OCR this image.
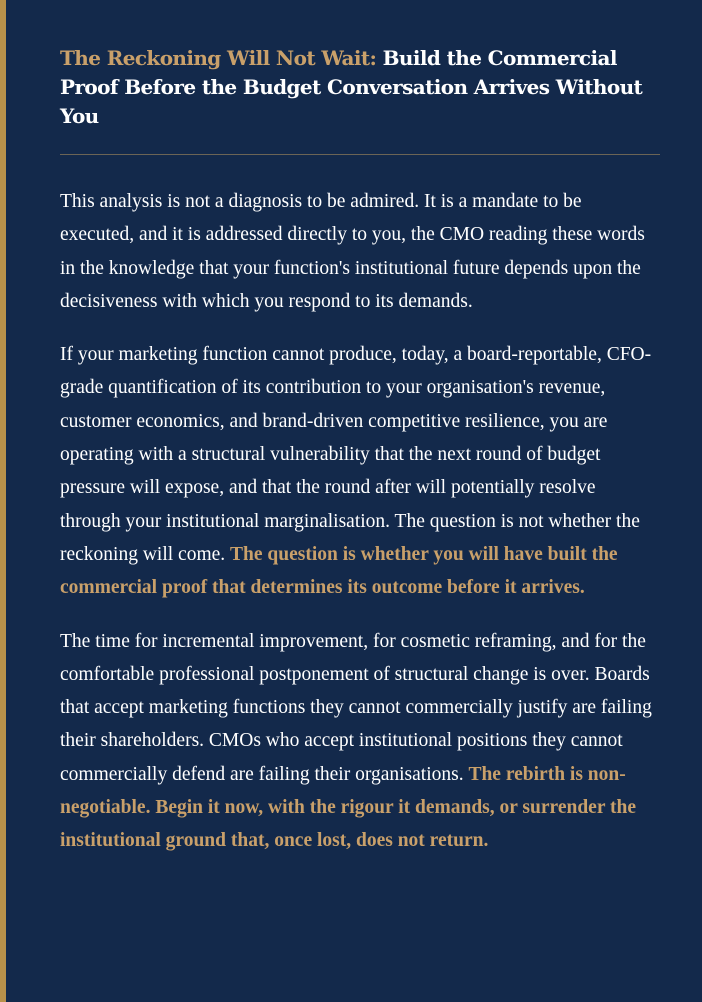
The Reckoning Will Not Wait: Build the Commercial Proof Before the Budget Conversation Arrives Without You

This analysis is not a diagnosis to be admired. It is a mandate to be executed, and it is addressed directly to you, the CMO reading these words in the knowledge that your function's institutional future depends upon the decisiveness with which you respond to its demands.

If your marketing function cannot produce, today, a board-reportable, CFO-grade quantification of its contribution to your organisation's revenue, customer economics, and brand-driven competitive resilience, you are operating with a structural vulnerability that the next round of budget pressure will expose, and that the round after will potentially resolve through your institutional marginalisation. The question is not whether the reckoning will come. The question is whether you will have built the commercial proof that determines its outcome before it arrives.

The time for incremental improvement, for cosmetic reframing, and for the comfortable professional postponement of structural change is over. Boards that accept marketing functions they cannot commercially justify are failing their shareholders. CMOs who accept institutional positions they cannot commercially defend are failing their organisations. The rebirth is non-negotiable. Begin it now, with the rigour it demands, or surrender the institutional ground that, once lost, does not return.
